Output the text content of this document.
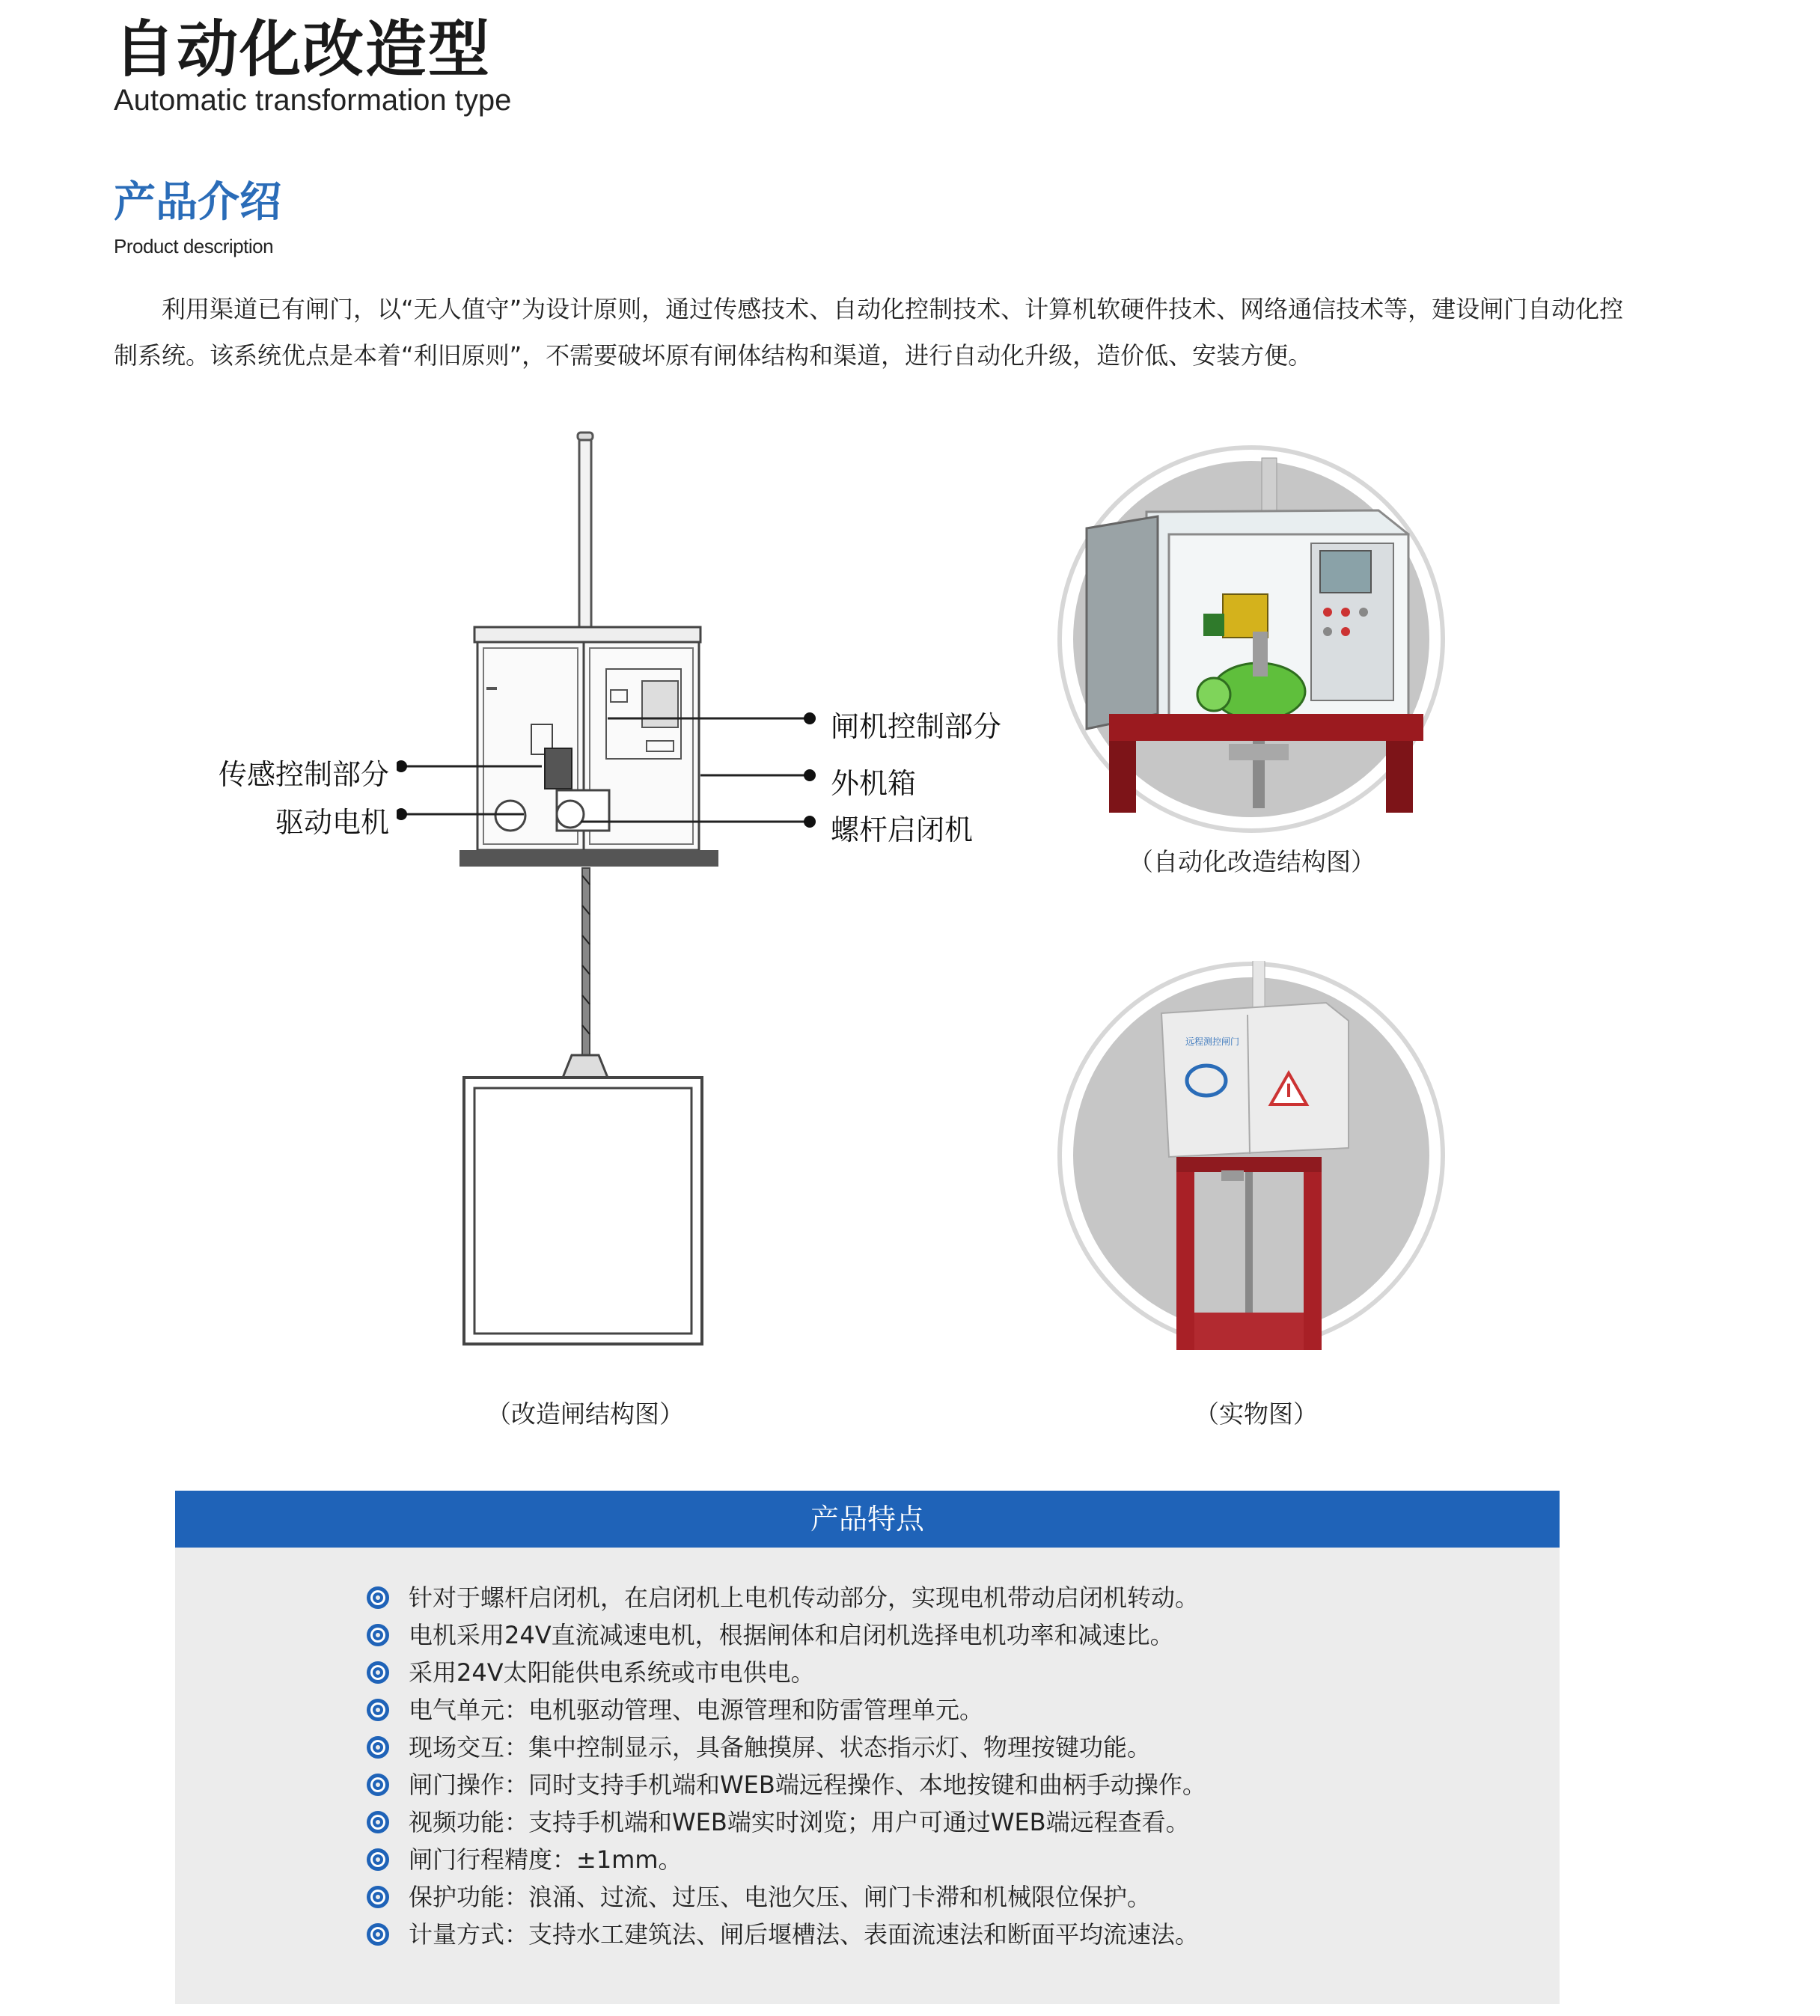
自动化改造型
Automatic transformation type
产品介绍
Product description
利用渠道已有闸门，以“无人值守”为设计原则，通过传感技术、自动化控制技术、计算机软硬件技术、网络通信技术等，建设闸门自动化控制系统。该系统优点是本着“利旧原则”，不需要破坏原有闸体结构和渠道，进行自动化升级，造价低、安装方便。
闸机控制部分
外机箱
螺杆启闭机
传感控制部分
驱动电机
（改造闸结构图）
（自动化改造结构图）
远程测控闸门
（实物图）
产品特点
针对于螺杆启闭机，在启闭机上电机传动部分，实现电机带动启闭机转动。
电机采用24V直流减速电机，根据闸体和启闭机选择电机功率和减速比。
采用24V太阳能供电系统或市电供电。
电气单元：电机驱动管理、电源管理和防雷管理单元。
现场交互：集中控制显示，具备触摸屏、状态指示灯、物理按键功能。
闸门操作：同时支持手机端和WEB端远程操作、本地按键和曲柄手动操作。
视频功能：支持手机端和WEB端实时浏览；用户可通过WEB端远程查看。
闸门行程精度：±1mm。
保护功能：浪涌、过流、过压、电池欠压、闸门卡滞和机械限位保护。
计量方式：支持水工建筑法、闸后堰槽法、表面流速法和断面平均流速法。
